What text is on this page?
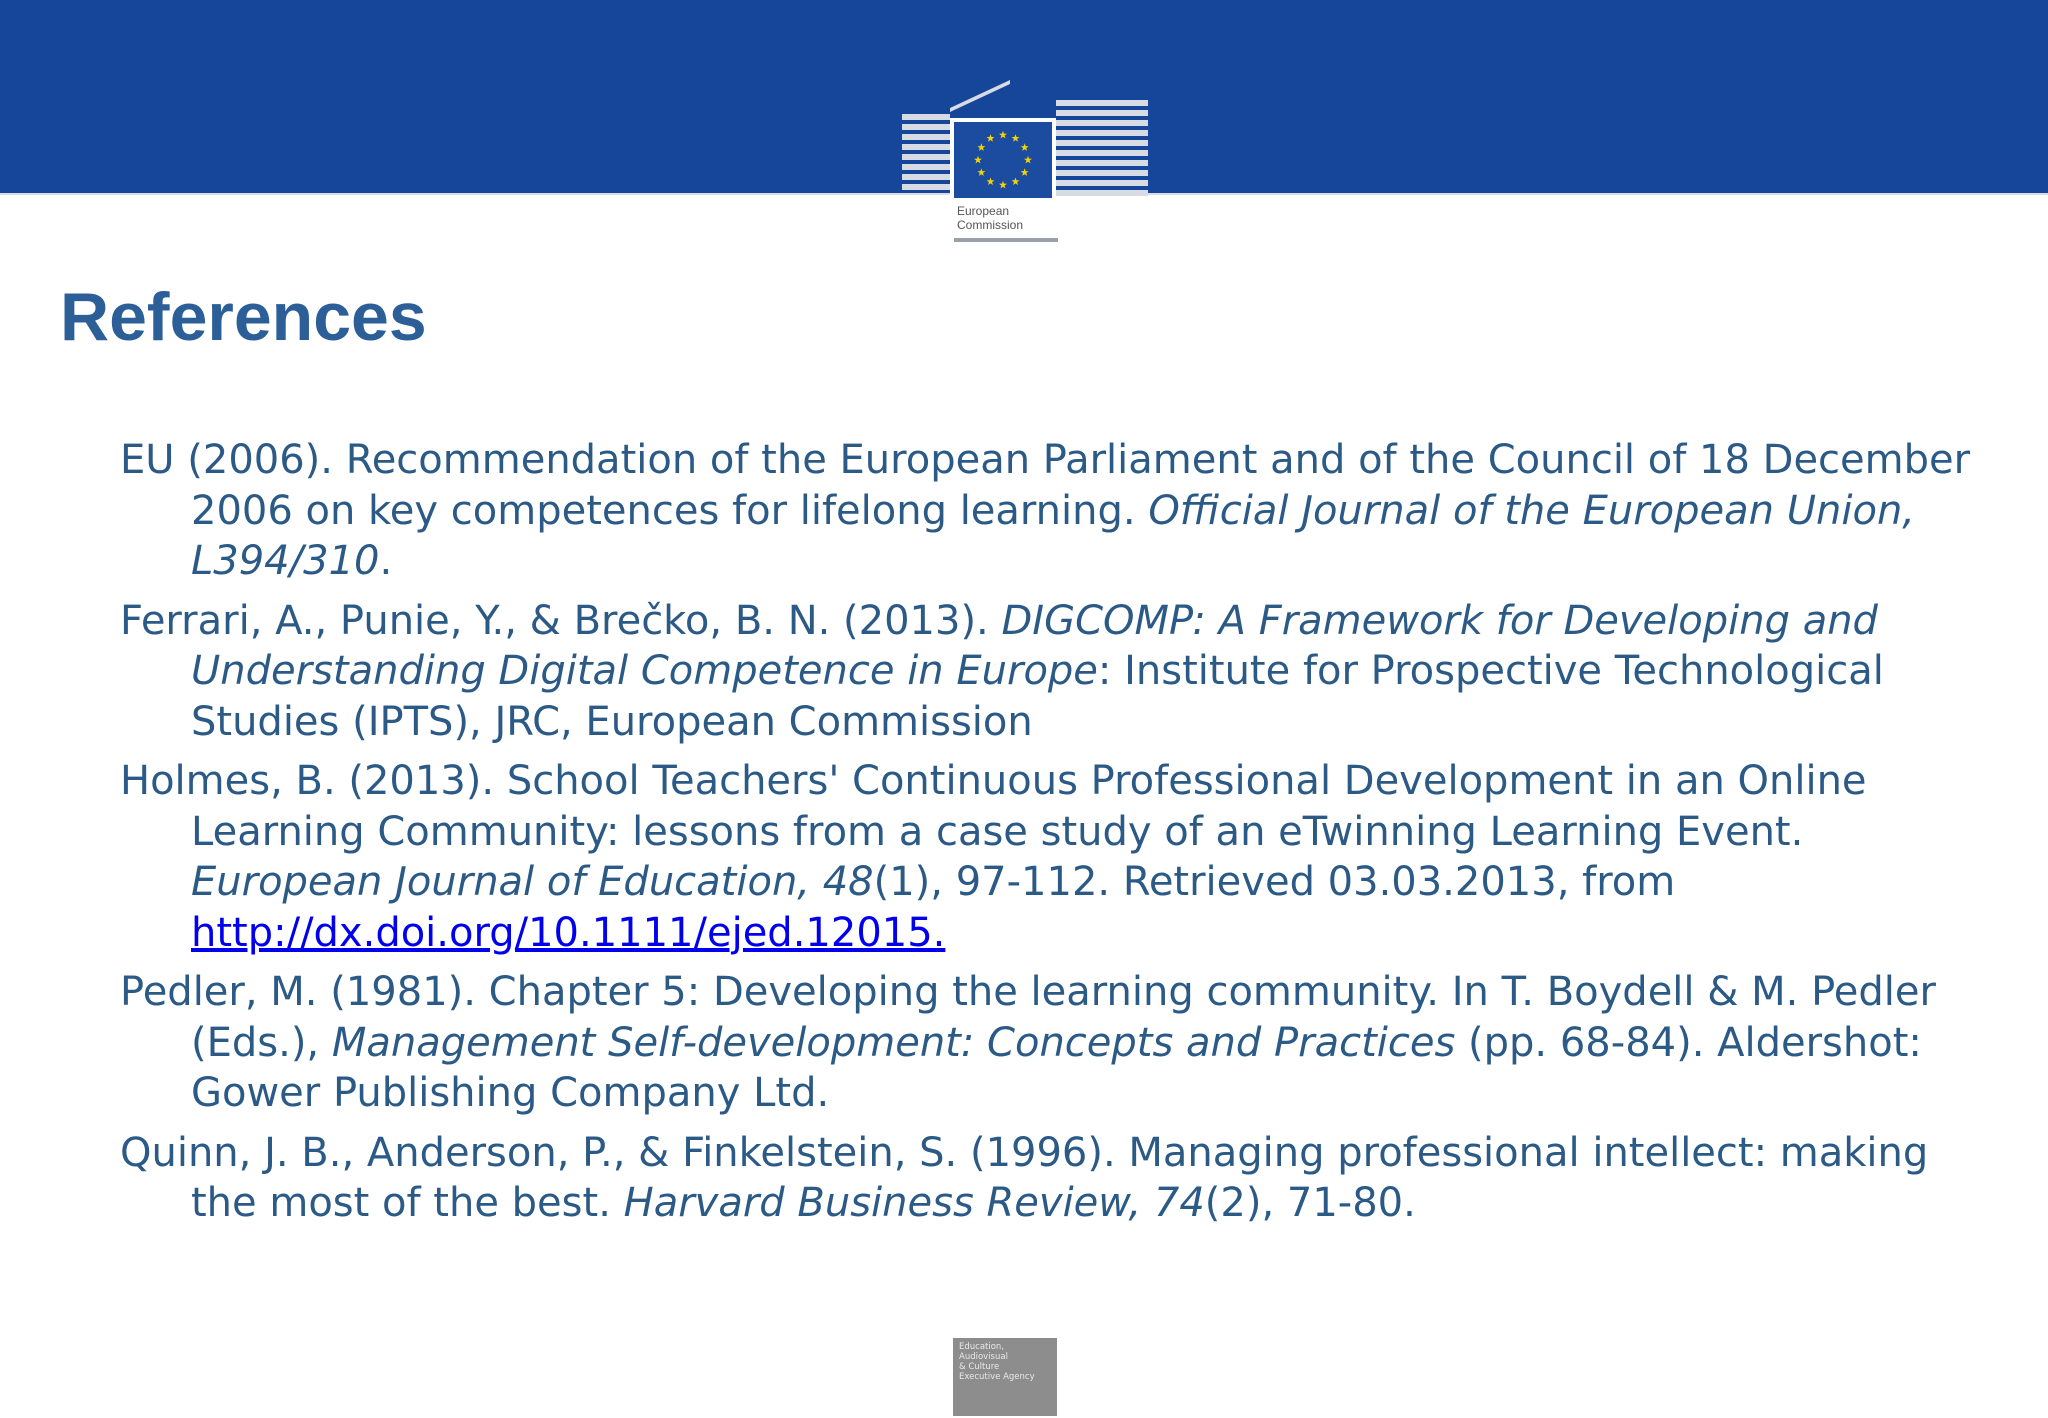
European
Commission
References
EU (2006). Recommendation of the European Parliament and of the Council of 18 December 2006 on key competences for lifelong learning. Official Journal of the European Union, L394/310.
Ferrari, A., Punie, Y., & Brečko, B. N. (2013). DIGCOMP: A Framework for Developing and Understanding Digital Competence in Europe: Institute for Prospective Technological Studies (IPTS), JRC, European Commission
Holmes, B. (2013). School Teachers' Continuous Professional Development in an Online Learning Community: lessons from a case study of an eTwinning Learning Event. European Journal of Education, 48(1), 97-112. Retrieved 03.03.2013, from http://dx.doi.org/10.1111/ejed.12015.
Pedler, M. (1981). Chapter 5: Developing the learning community. In T. Boydell & M. Pedler (Eds.), Management Self-development: Concepts and Practices (pp. 68-84). Aldershot: Gower Publishing Company Ltd.
Quinn, J. B., Anderson, P., & Finkelstein, S. (1996). Managing professional intellect: making the most of the best. Harvard Business Review, 74(2), 71-80.
Education,
Audiovisual
& Culture
Executive Agency
